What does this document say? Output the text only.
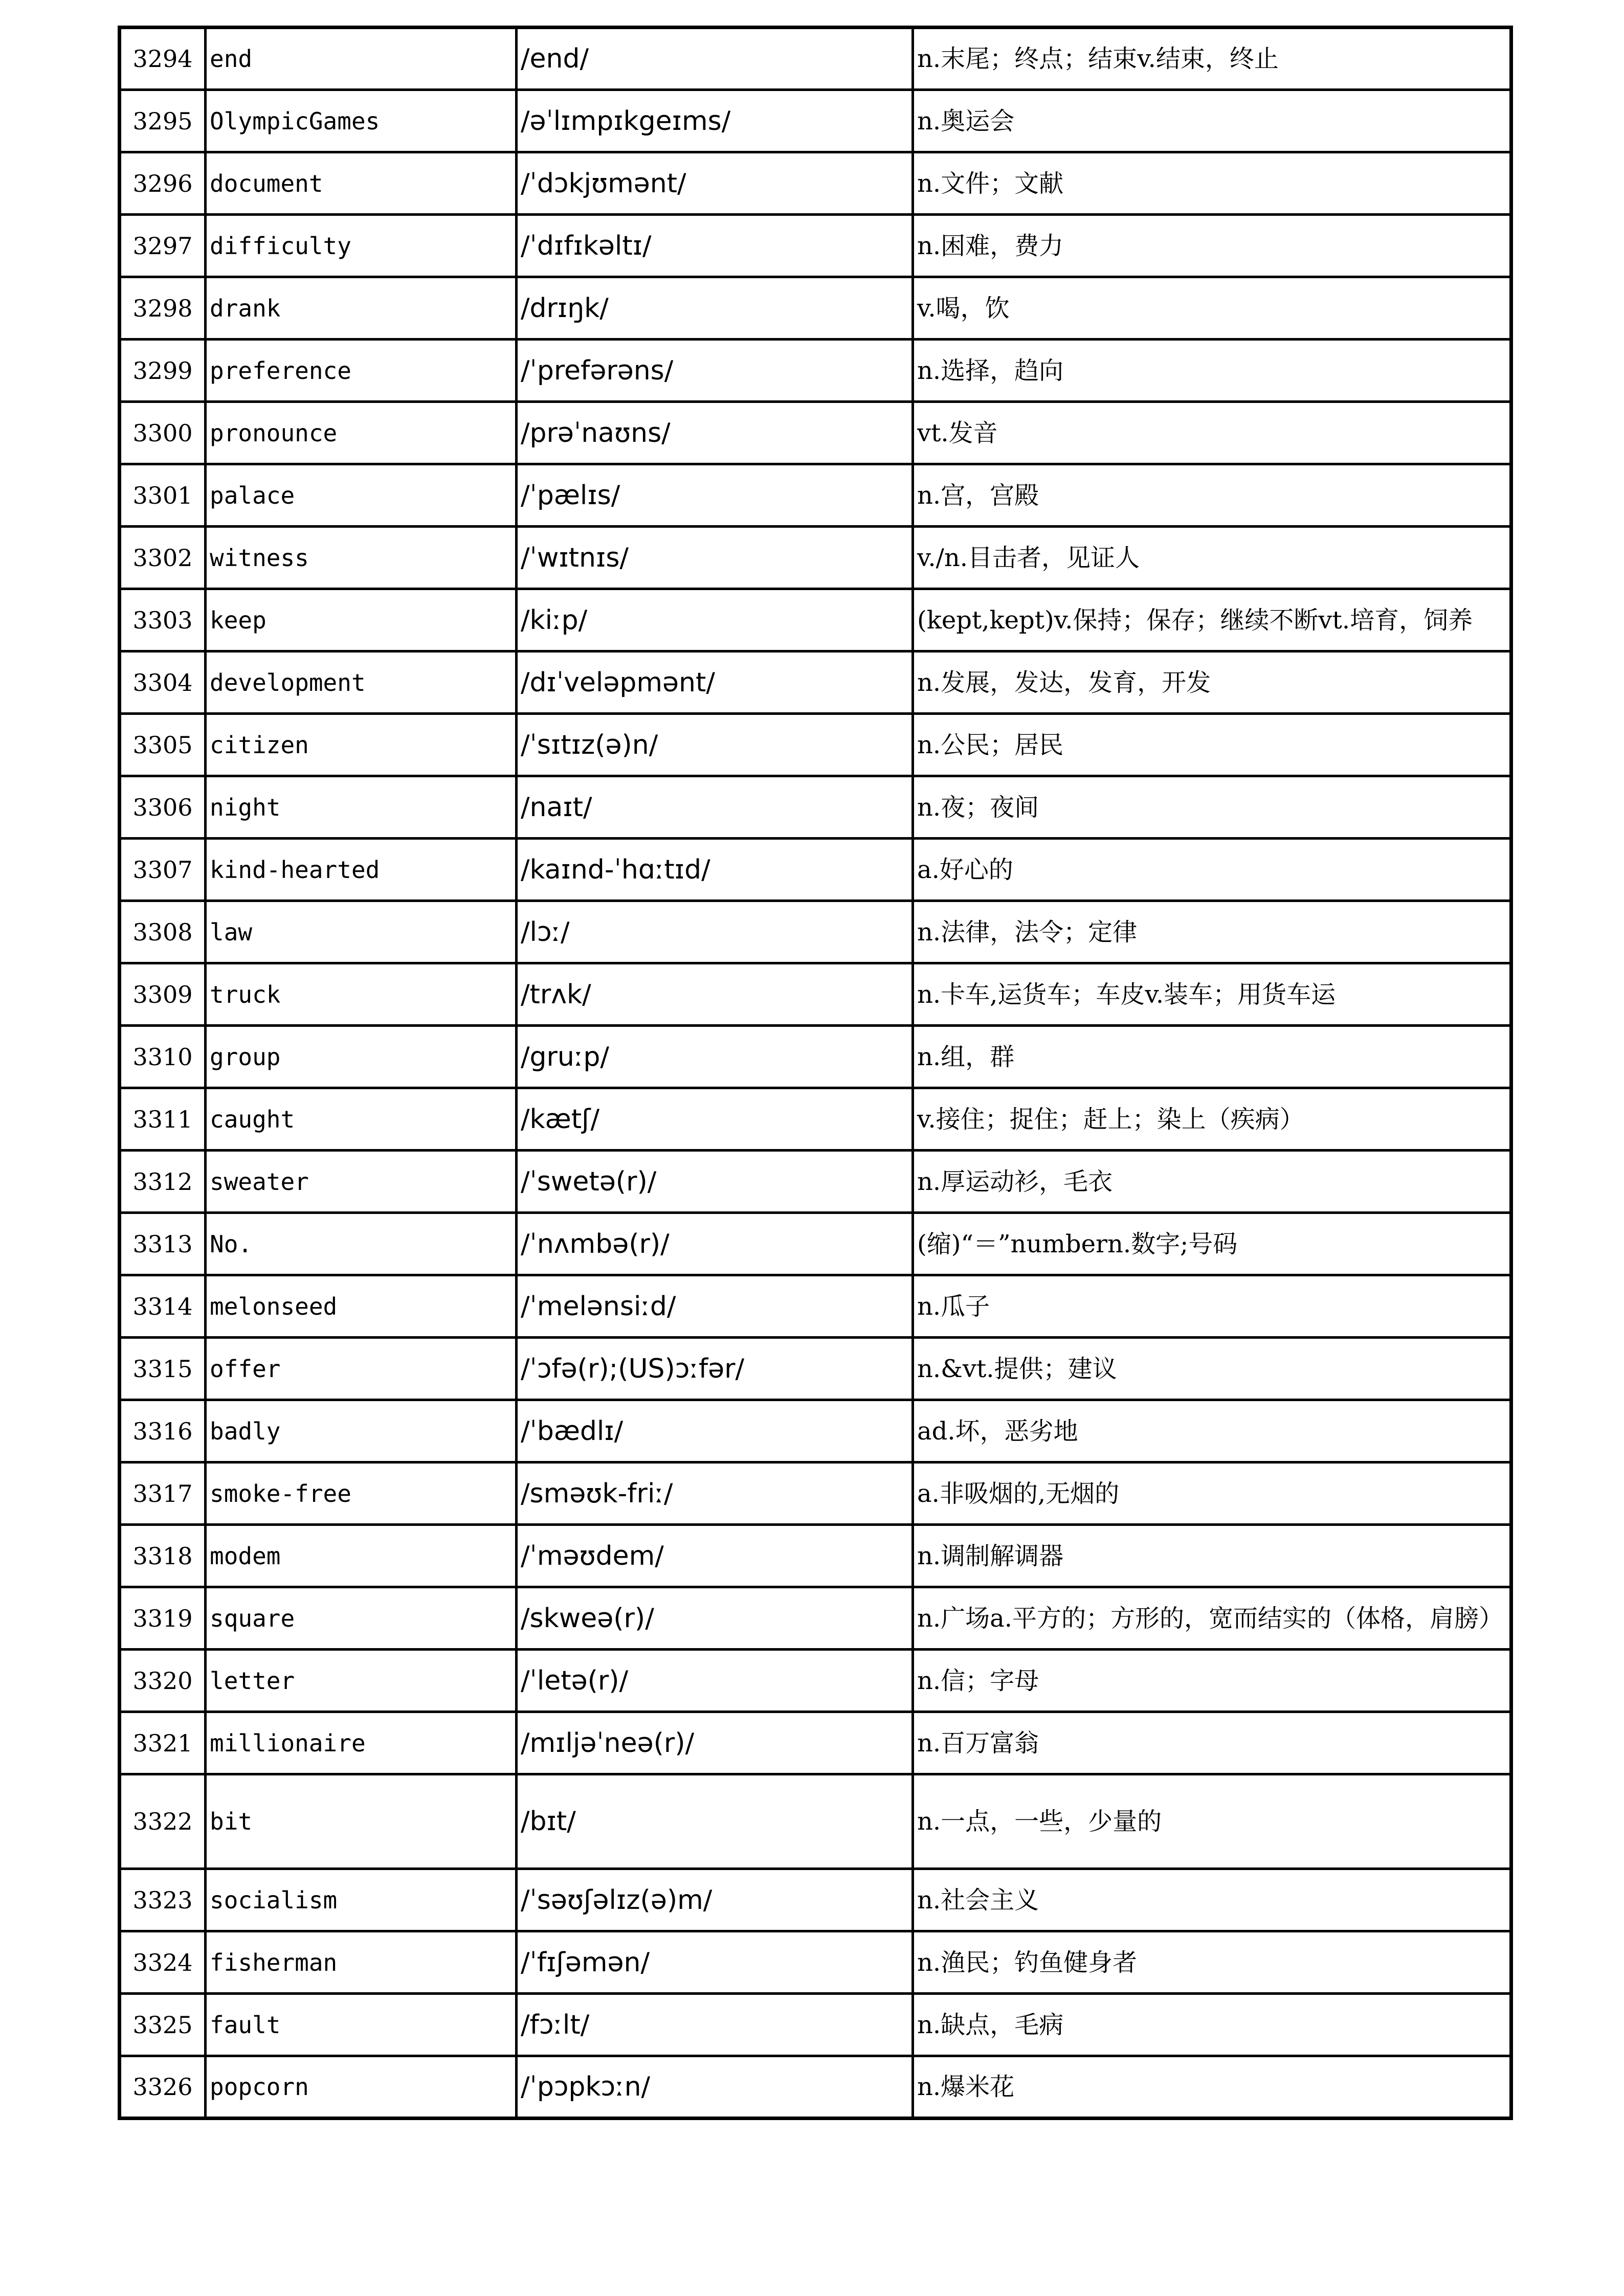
3294	end	/end/	n.末尾；终点；结束v.结束，终止
3295	OlympicGames	/əˈlɪmpɪkgeɪms/	n.奥运会
3296	document	/ˈdɔkjʊmənt/	n.文件；文献
3297	difficulty	/ˈdɪfɪkəltɪ/	n.困难，费力
3298	drank	/drɪŋk/	v.喝，饮
3299	preference	/ˈprefərəns/	n.选择，趋向
3300	pronounce	/prəˈnaʊns/	vt.发音
3301	palace	/ˈpælɪs/	n.宫，宫殿
3302	witness	/ˈwɪtnɪs/	v./n.目击者，见证人
3303	keep	/kiːp/	(kept,kept)v.保持；保存；继续不断vt.培育，饲养
3304	development	/dɪˈveləpmənt/	n.发展，发达，发育，开发
3305	citizen	/ˈsɪtɪz(ə)n/	n.公民；居民
3306	night	/naɪt/	n.夜；夜间
3307	kind-hearted	/kaɪnd-ˈhɑːtɪd/	a.好心的
3308	law	/lɔː/	n.法律，法令；定律
3309	truck	/trʌk/	n.卡车,运货车；车皮v.装车；用货车运
3310	group	/gruːp/	n.组，群
3311	caught	/kætʃ/	v.接住；捉住；赶上；染上（疾病）
3312	sweater	/ˈswetə(r)/	n.厚运动衫，毛衣
3313	No.	/ˈnʌmbə(r)/	(缩)“＝”numbern.数字;号码
3314	melonseed	/ˈmelənsiːd/	n.瓜子
3315	offer	/ˈɔfə(r);(US)ɔːfər/	n.&vt.提供；建议
3316	badly	/ˈbædlɪ/	ad.坏，恶劣地
3317	smoke-free	/sməʊk-friː/	a.非吸烟的,无烟的
3318	modem	/ˈməʊdem/	n.调制解调器
3319	square	/skweə(r)/	n.广场a.平方的；方形的，宽而结实的（体格，肩膀）
3320	letter	/ˈletə(r)/	n.信；字母
3321	millionaire	/mɪljəˈneə(r)/	n.百万富翁
3322	bit	/bɪt/	n.一点，一些，少量的
3323	socialism	/ˈsəʊʃəlɪz(ə)m/	n.社会主义
3324	fisherman	/ˈfɪʃəmən/	n.渔民；钓鱼健身者
3325	fault	/fɔːlt/	n.缺点，毛病
3326	popcorn	/ˈpɔpkɔːn/	n.爆米花
